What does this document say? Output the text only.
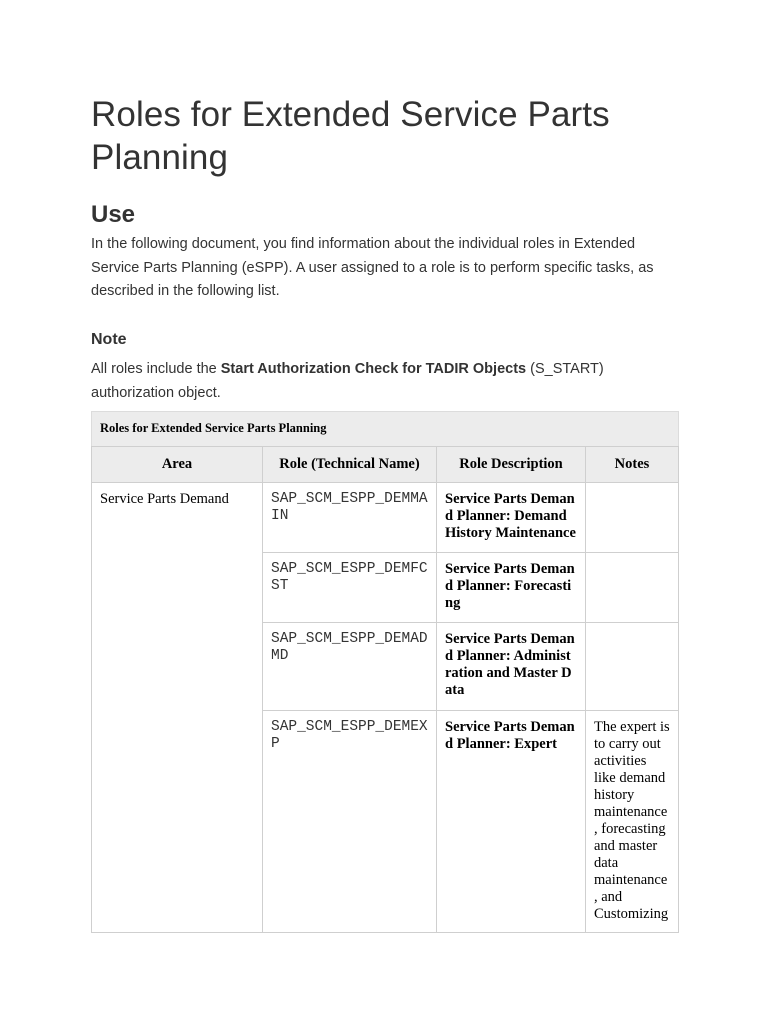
Roles for Extended Service Parts Planning
Use

In the following document, you find information about the individual roles in Extended Service Parts Planning (eSPP). A user assigned to a role is to perform specific tasks, as described in the following list.

Note

All roles include the Start Authorization Check for TADIR Objects (S_START) authorization object.

Roles for Extended Service Parts Planning
Area	Role (Technical Name)	Role Description	Notes
Service Parts Demand	SAP_SCM_ESPP_DEMMAIN	Service Parts Demand Planner: Demand History Maintenance	
	SAP_SCM_ESPP_DEMFCST	Service Parts Demand Planner: Forecasting	
	SAP_SCM_ESPP_DEMADMD	Service Parts Demand Planner: Administration and Master Data	
	SAP_SCM_ESPP_DEMEXP	Service Parts Demand Planner: Expert	The expert is to carry out activities like demand history maintenance, forecasting and master data maintenance, and Customizing
